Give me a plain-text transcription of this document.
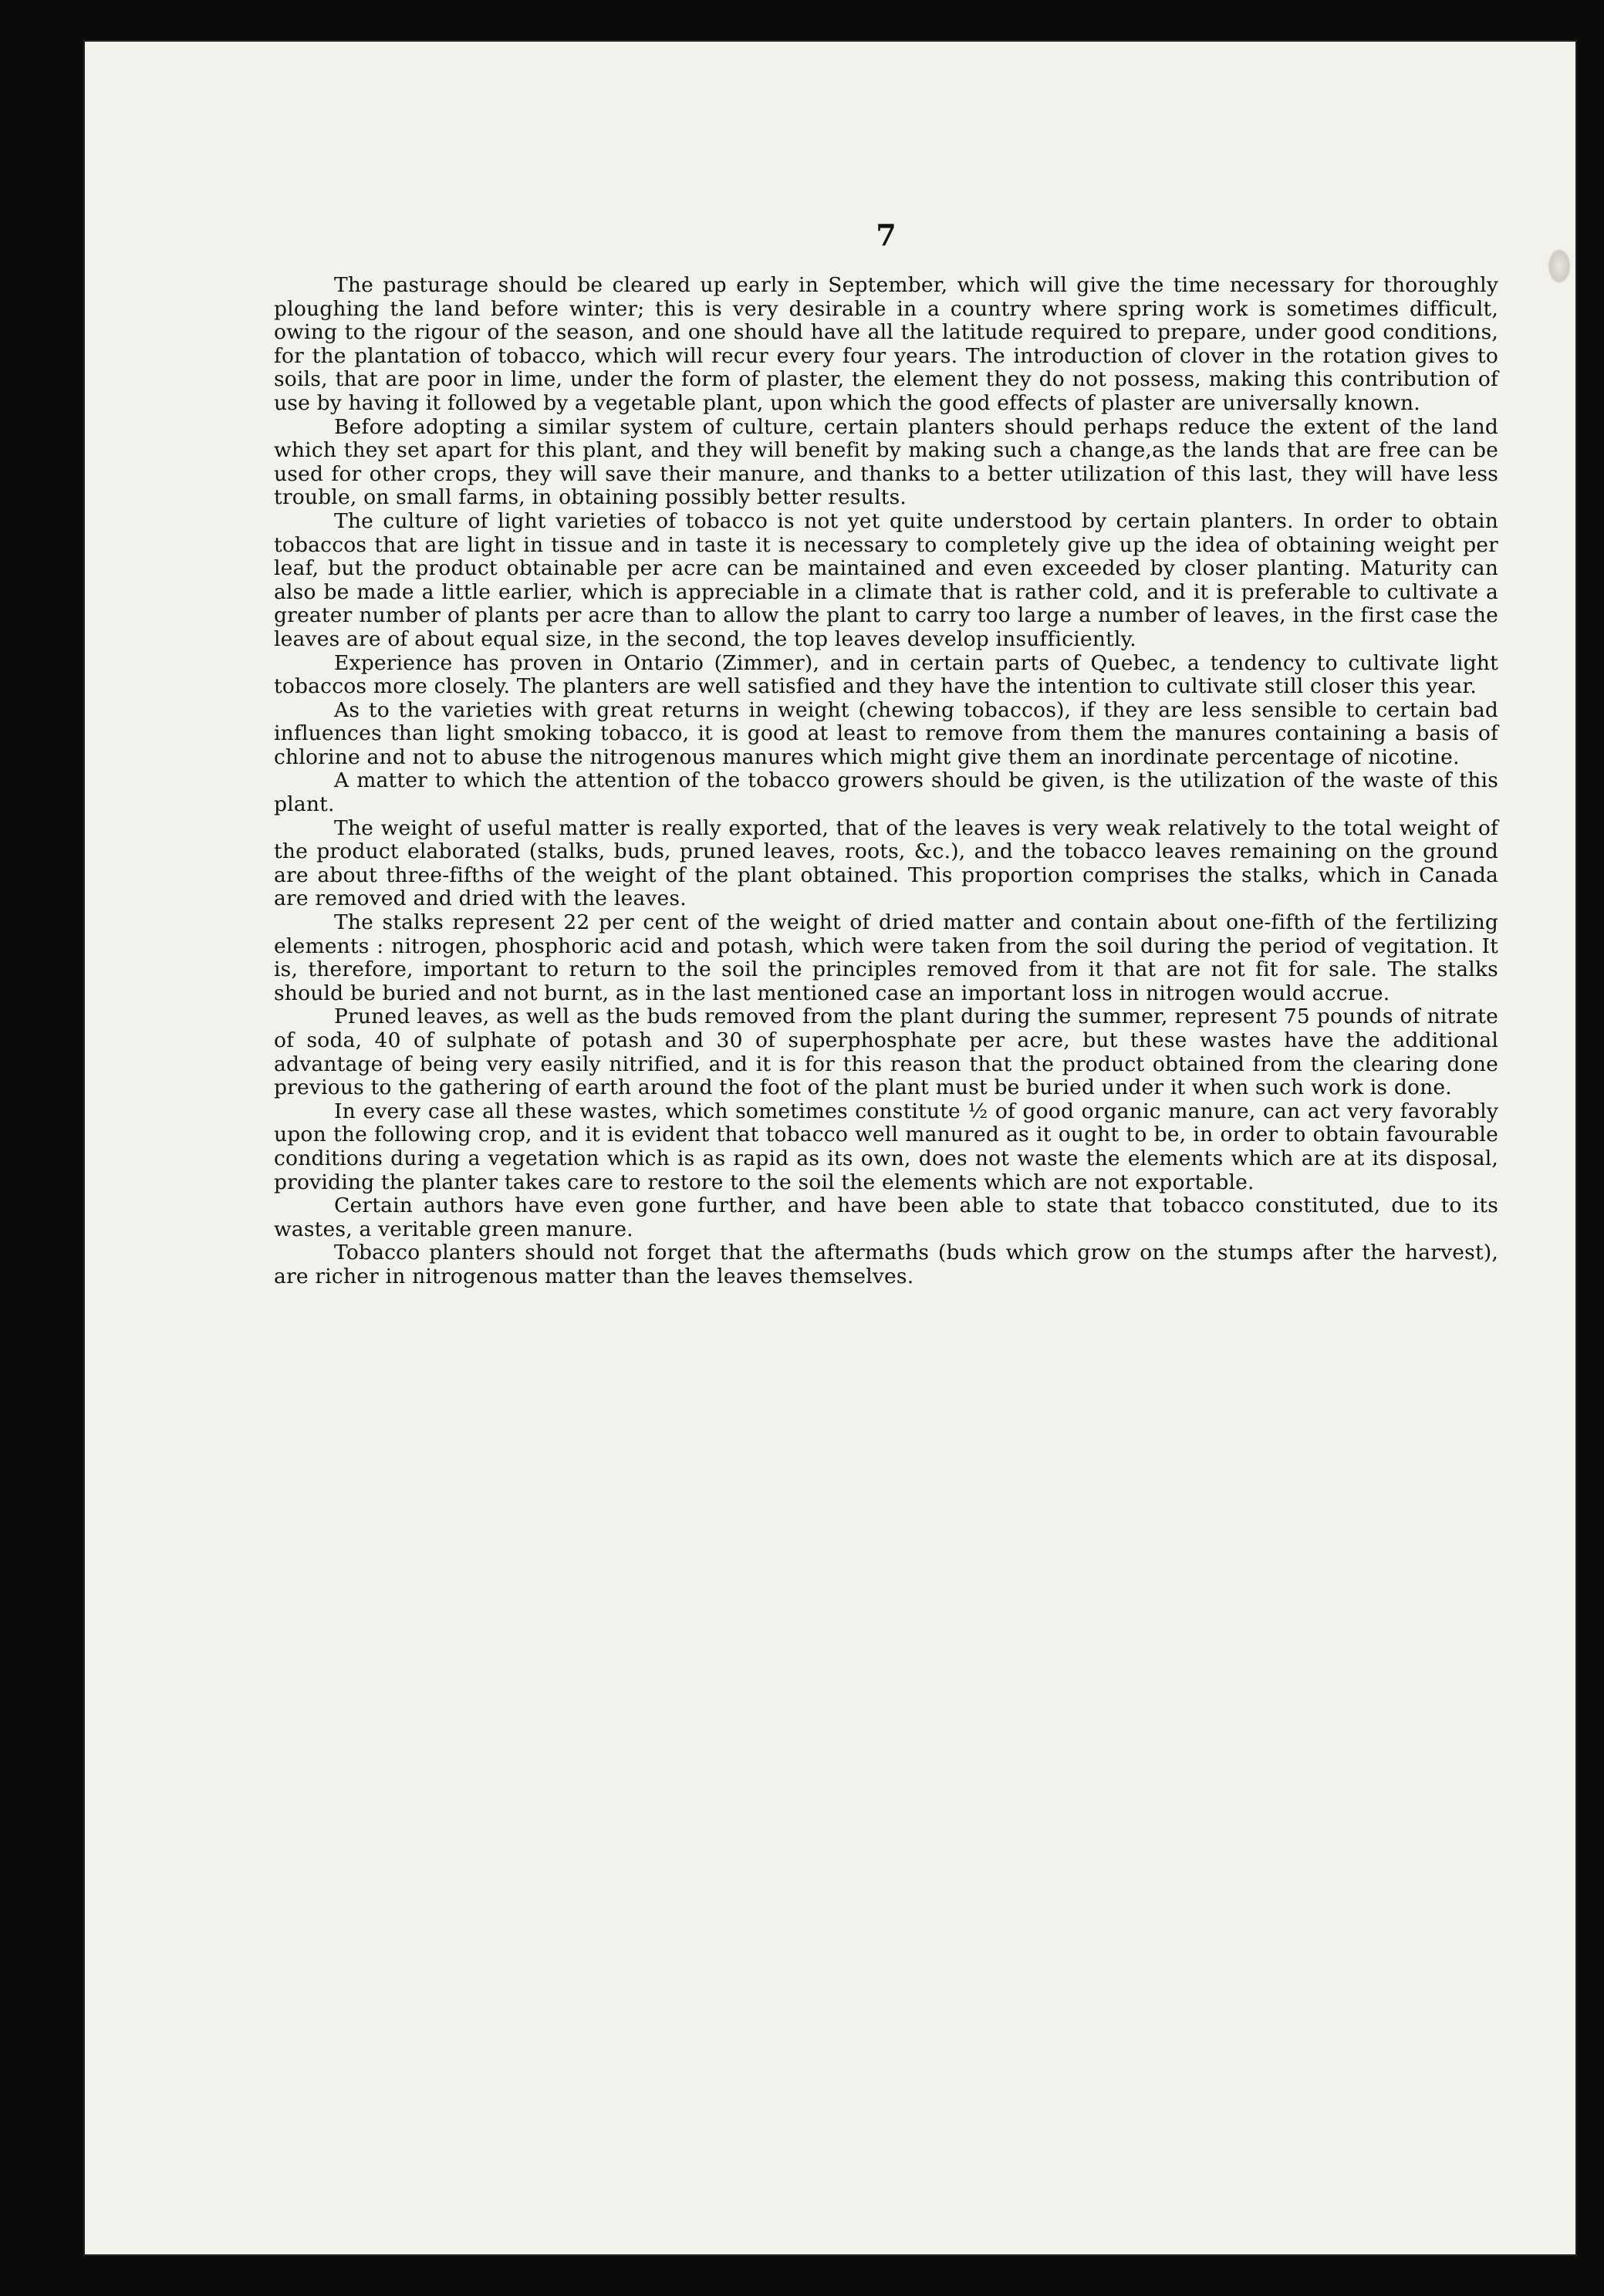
7

The pasturage should be cleared up early in September, which will give the time necessary for thoroughly ploughing the land before winter; this is very desirable in a country where spring work is sometimes difficult, owing to the rigour of the season, and one should have all the latitude required to prepare, under good conditions, for the plantation of tobacco, which will recur every four years. The introduction of clover in the rotation gives to soils, that are poor in lime, under the form of plaster, the element they do not possess, making this contribution of use by having it followed by a vegetable plant, upon which the good effects of plaster are universally known.

Before adopting a similar system of culture, certain planters should perhaps reduce the extent of the land which they set apart for this plant, and they will benefit by making such a change,as the lands that are free can be used for other crops, they will save their manure, and thanks to a better utilization of this last, they will have less trouble, on small farms, in obtaining possibly better results.

The culture of light varieties of tobacco is not yet quite understood by certain planters. In order to obtain tobaccos that are light in tissue and in taste it is necessary to completely give up the idea of obtaining weight per leaf, but the product obtainable per acre can be maintained and even exceeded by closer planting. Maturity can also be made a little earlier, which is appreciable in a climate that is rather cold, and it is preferable to cultivate a greater number of plants per acre than to allow the plant to carry too large a number of leaves, in the first case the leaves are of about equal size, in the second, the top leaves develop insufficiently.

Experience has proven in Ontario (Zimmer), and in certain parts of Quebec, a tendency to cultivate light tobaccos more closely. The planters are well satisfied and they have the intention to cultivate still closer this year.

As to the varieties with great returns in weight (chewing tobaccos), if they are less sensible to certain bad influences than light smoking tobacco, it is good at least to remove from them the manures containing a basis of chlorine and not to abuse the nitrogenous manures which might give them an inordinate percentage of nicotine.

A matter to which the attention of the tobacco growers should be given, is the utilization of the waste of this plant.

The weight of useful matter is really exported, that of the leaves is very weak relatively to the total weight of the product elaborated (stalks, buds, pruned leaves, roots, &c.), and the tobacco leaves remaining on the ground are about three-fifths of the weight of the plant obtained. This proportion comprises the stalks, which in Canada are removed and dried with the leaves.

The stalks represent 22 per cent of the weight of dried matter and contain about one-fifth of the fertilizing elements : nitrogen, phosphoric acid and potash, which were taken from the soil during the period of vegitation. It is, therefore, important to return to the soil the principles removed from it that are not fit for sale. The stalks should be buried and not burnt, as in the last mentioned case an important loss in nitrogen would accrue.

Pruned leaves, as well as the buds removed from the plant during the summer, represent 75 pounds of nitrate of soda, 40 of sulphate of potash and 30 of superphosphate per acre, but these wastes have the additional advantage of being very easily nitrified, and it is for this reason that the product obtained from the clearing done previous to the gathering of earth around the foot of the plant must be buried under it when such work is done.

In every case all these wastes, which sometimes constitute ½ of good organic manure, can act very favorably upon the following crop, and it is evident that tobacco well manured as it ought to be, in order to obtain favourable conditions during a vegetation which is as rapid as its own, does not waste the elements which are at its disposal, providing the planter takes care to restore to the soil the elements which are not exportable.

Certain authors have even gone further, and have been able to state that tobacco constituted, due to its wastes, a veritable green manure.

Tobacco planters should not forget that the aftermaths (buds which grow on the stumps after the harvest), are richer in nitrogenous matter than the leaves themselves.
